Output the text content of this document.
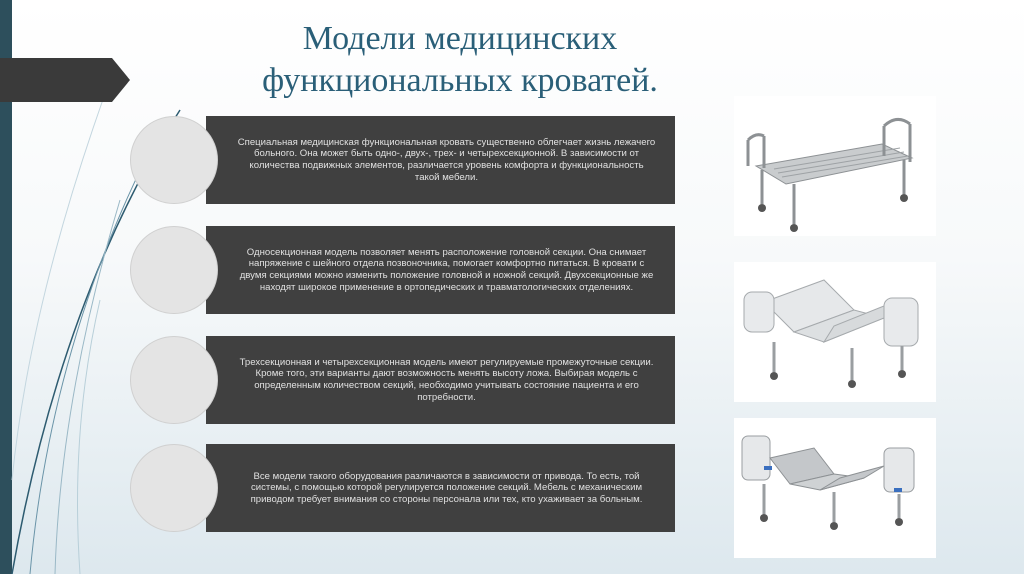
Модели медицинских функциональных кроватей.
Специальная медицинская функциональная кровать существенно облегчает жизнь лежачего больного. Она может быть одно-, двух-, трех- и четырехсекционной. В зависимости от количества подвижных элементов, различается уровень комфорта и функциональность такой мебели.
Односекционная модель позволяет менять расположение головной секции. Она снимает напряжение с шейного отдела позвоночника, помогает комфортно питаться. В кровати с двумя секциями можно изменить положение головной и ножной секций. Двухсекционные же находят широкое применение в ортопедических и травматологических отделениях.
Трехсекционная и четырехсекционная модель имеют регулируемые промежуточные секции. Кроме того, эти варианты дают возможность менять высоту ложа. Выбирая модель с определенным количеством секций, необходимо учитывать состояние пациента и его потребности.
Все модели такого оборудования различаются в зависимости от привода. То есть, той системы, с помощью которой регулируется положение секций. Мебель с механическим приводом требует внимания со стороны персонала или тех, кто ухаживает за больным.
